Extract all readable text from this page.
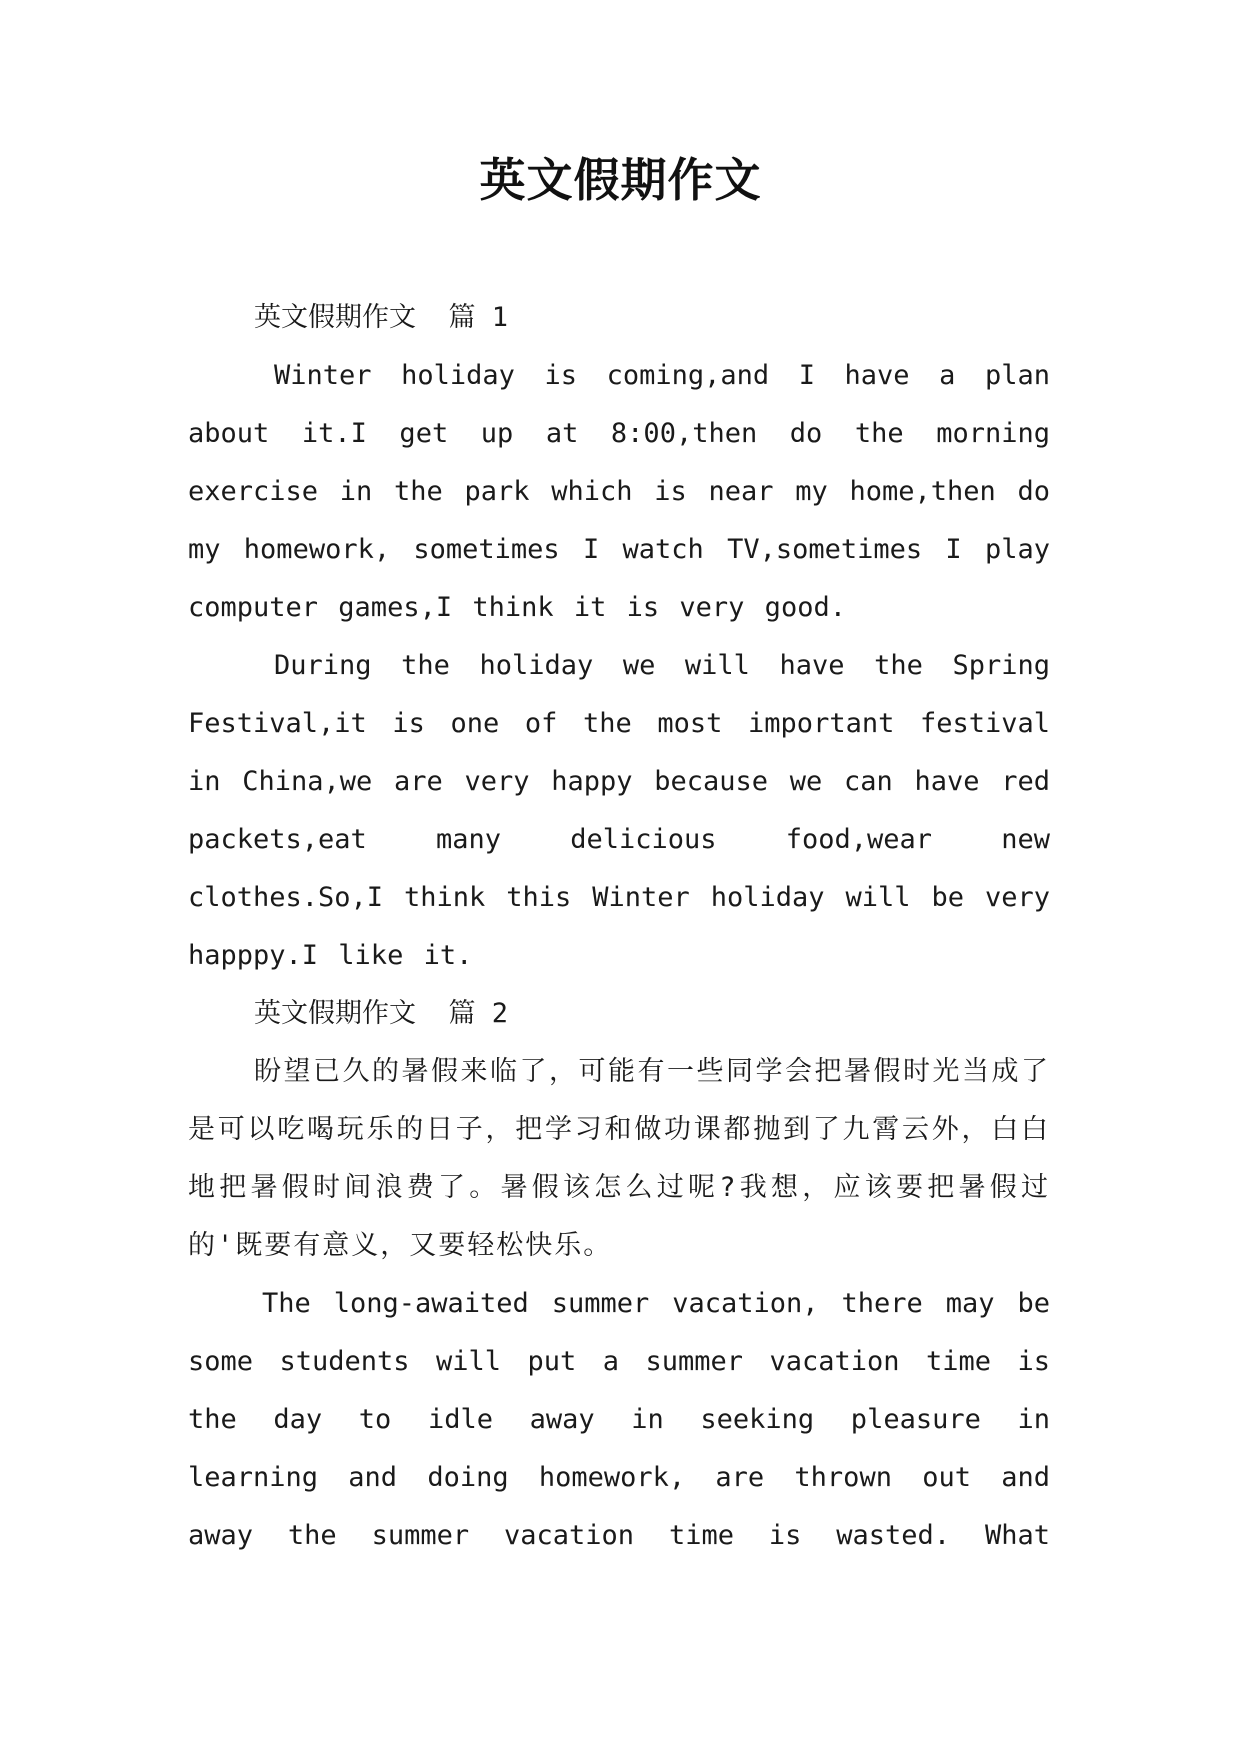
英文假期作文

英文假期作文  篇 1

Winter holiday is coming,and I have a plan about it.I get up at 8:00,then do the morning exercise in the park which is near my home,then do my homework, sometimes I watch TV,sometimes I play computer games,I think it is very good.

During the holiday we will have the Spring Festival,it is one of the most important festival in China,we are very happy because we can have red packets,eat many delicious food,wear new clothes.So,I think this Winter holiday will be very happpy.I like it.

英文假期作文  篇 2

盼望已久的暑假来临了，可能有一些同学会把暑假时光当成了是可以吃喝玩乐的日子，把学习和做功课都抛到了九霄云外，白白地把暑假时间浪费了。暑假该怎么过呢?我想，应该要把暑假过的'既要有意义，又要轻松快乐。

The long-awaited summer vacation, there may be some students will put a summer vacation time is the day to idle away in seeking pleasure in learning and doing homework, are thrown out and away the summer vacation time is wasted. What
